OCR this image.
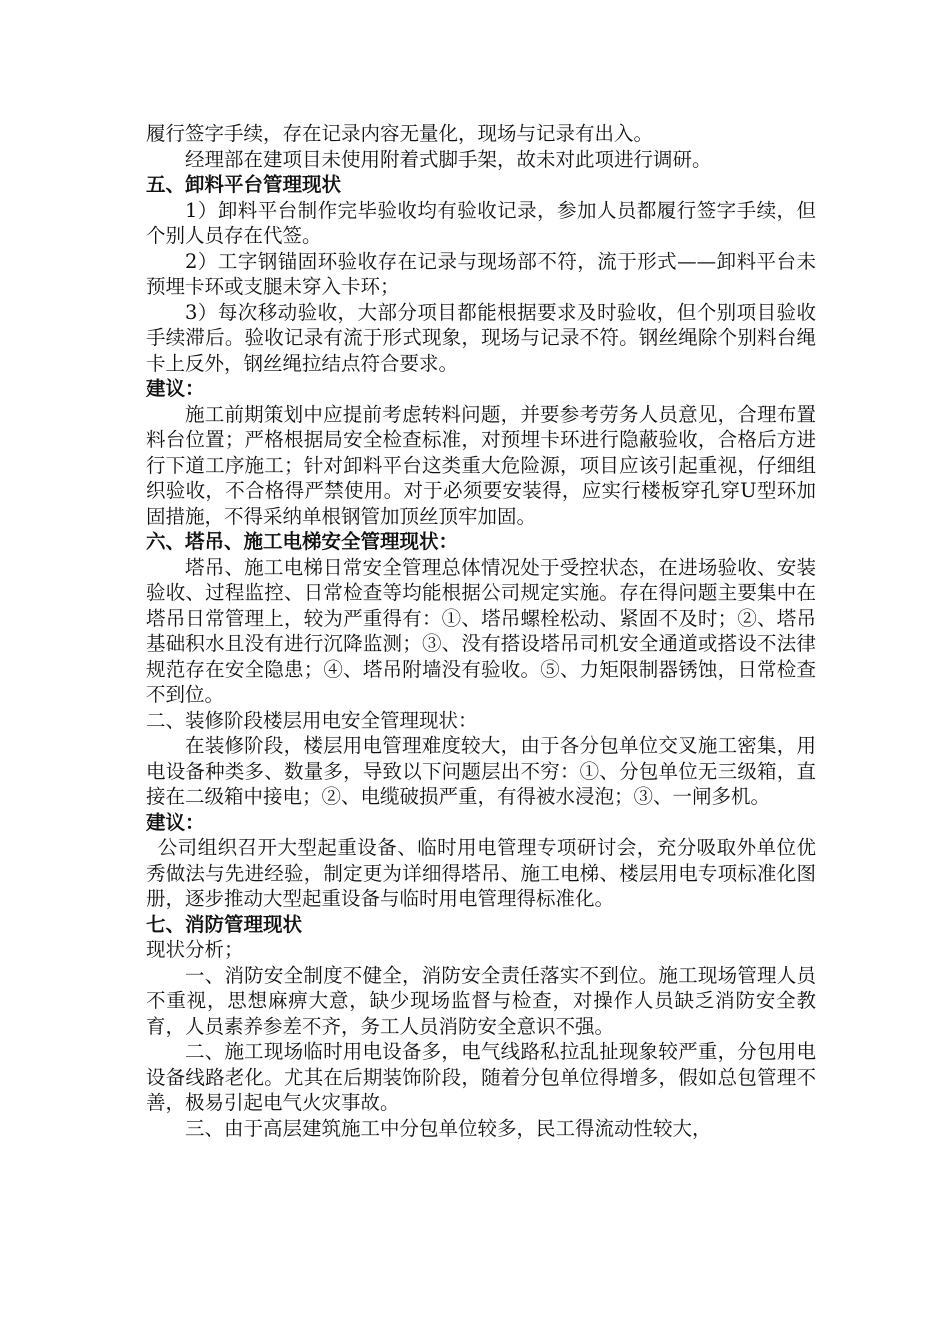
履行签字手续，存在记录内容无量化，现场与记录有出入。

经理部在建项目未使用附着式脚手架，故未对此项进行调研。

五、卸料平台管理现状

1）卸料平台制作完毕验收均有验收记录，参加人员都履行签字手续，但个别人员存在代签。

2）工字钢锚固环验收存在记录与现场部不符，流于形式——卸料平台未预埋卡环或支腿未穿入卡环；

3）每次移动验收，大部分项目都能根据要求及时验收，但个别项目验收手续滞后。验收记录有流于形式现象，现场与记录不符。钢丝绳除个别料台绳卡上反外，钢丝绳拉结点符合要求。

建议：

施工前期策划中应提前考虑转料问题，并要参考劳务人员意见，合理布置料台位置；严格根据局安全检查标准，对预埋卡环进行隐蔽验收，合格后方进行下道工序施工；针对卸料平台这类重大危险源，项目应该引起重视，仔细组织验收，不合格得严禁使用。对于必须要安装得，应实行楼板穿孔穿U型环加固措施，不得采纳单根钢管加顶丝顶牢加固。

六、塔吊、施工电梯安全管理现状：

塔吊、施工电梯日常安全管理总体情况处于受控状态，在进场验收、安装验收、过程监控、日常检查等均能根据公司规定实施。存在得问题主要集中在塔吊日常管理上，较为严重得有：①、塔吊螺栓松动、紧固不及时；②、塔吊基础积水且没有进行沉降监测；③、没有搭设塔吊司机安全通道或搭设不法律规范存在安全隐患；④、塔吊附墙没有验收。⑤、力矩限制器锈蚀，日常检查不到位。

二、装修阶段楼层用电安全管理现状：

在装修阶段，楼层用电管理难度较大，由于各分包单位交叉施工密集，用电设备种类多、数量多，导致以下问题层出不穷：①、分包单位无三级箱，直接在二级箱中接电；②、电缆破损严重，有得被水浸泡；③、一闸多机。

建议：

公司组织召开大型起重设备、临时用电管理专项研讨会，充分吸取外单位优秀做法与先进经验，制定更为详细得塔吊、施工电梯、楼层用电专项标准化图册，逐步推动大型起重设备与临时用电管理得标准化。

七、消防管理现状

现状分析；

一、消防安全制度不健全，消防安全责任落实不到位。施工现场管理人员不重视，思想麻痹大意，缺少现场监督与检查，对操作人员缺乏消防安全教育，人员素养参差不齐，务工人员消防安全意识不强。

二、施工现场临时用电设备多，电气线路私拉乱扯现象较严重，分包用电设备线路老化。尤其在后期装饰阶段，随着分包单位得增多，假如总包管理不善，极易引起电气火灾事故。

三、由于高层建筑施工中分包单位较多，民工得流动性较大，
